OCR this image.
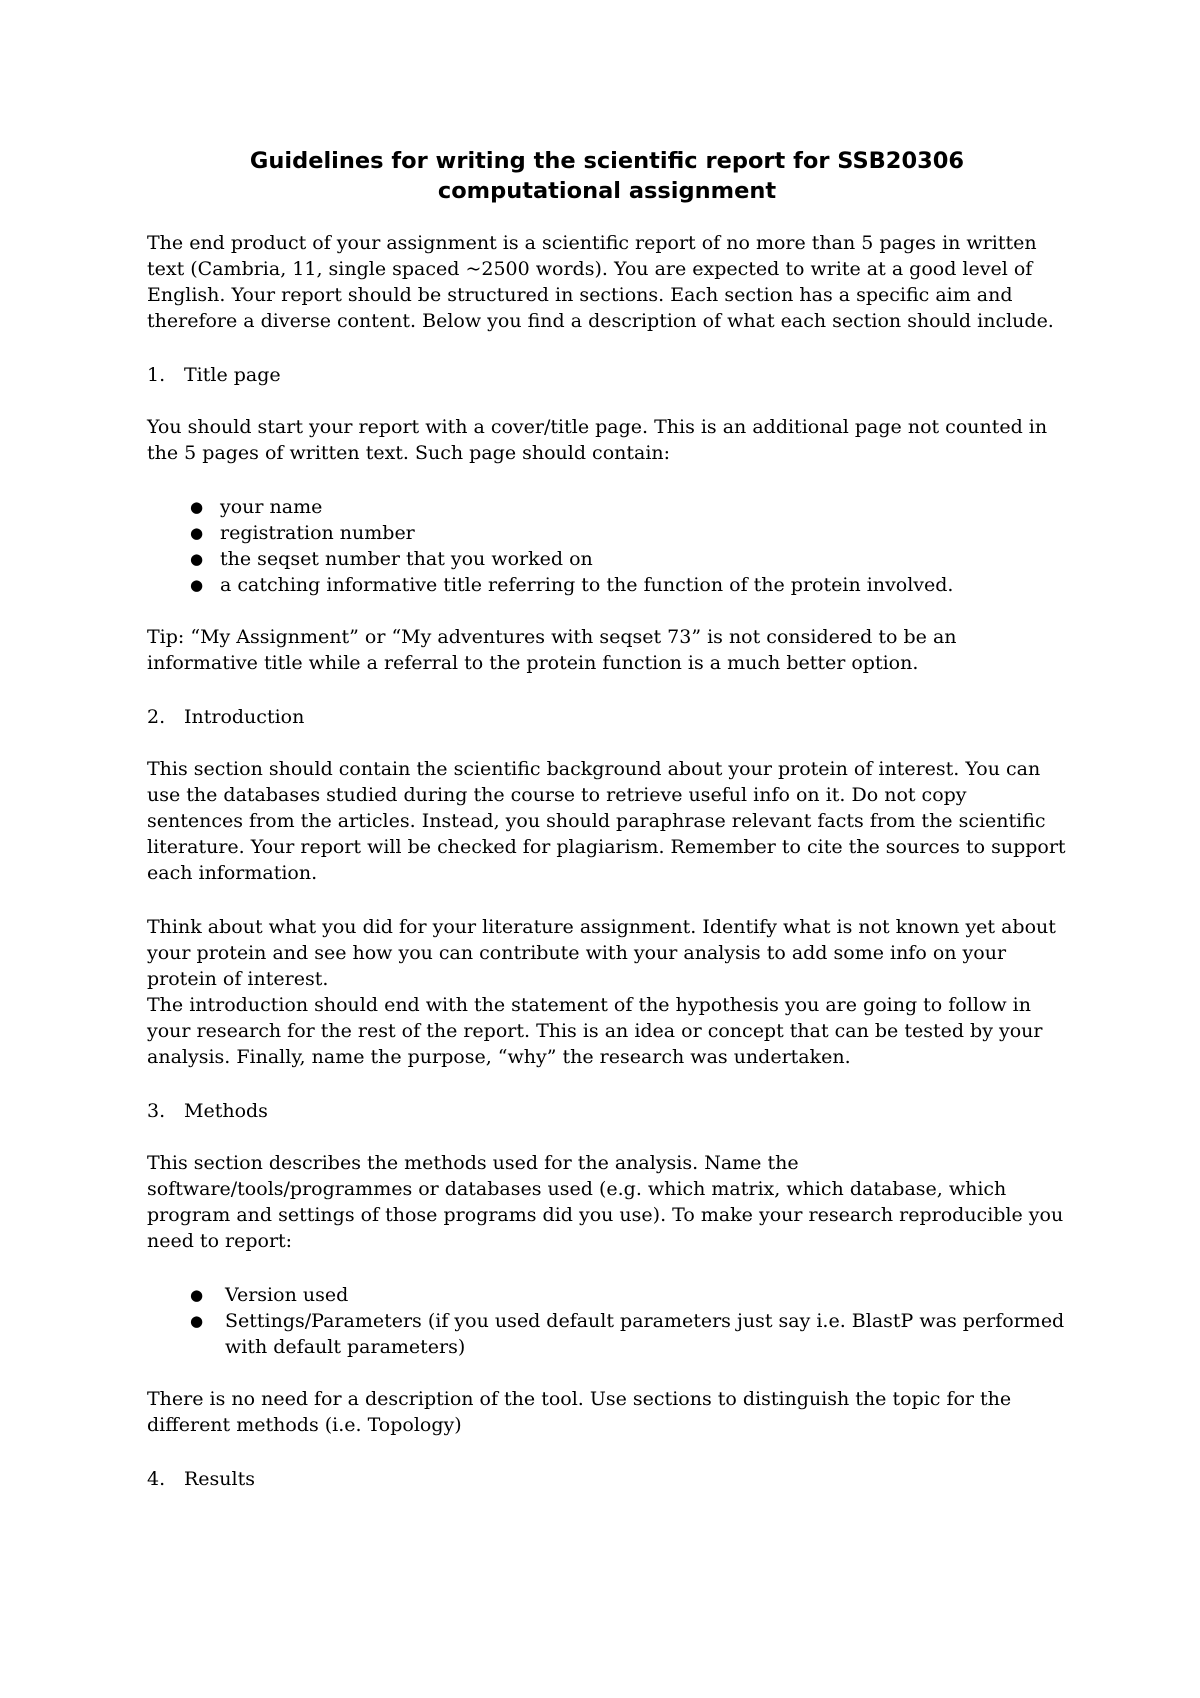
Guidelines for writing the scientific report for SSB20306
computational assignment

The end product of your assignment is a scientific report of no more than 5 pages in written text (Cambria, 11, single spaced ~2500 words). You are expected to write at a good level of English. Your report should be structured in sections. Each section has a specific aim and therefore a diverse content. Below you find a description of what each section should include.

1. Title page

You should start your report with a cover/title page. This is an additional page not counted in the 5 pages of written text. Such page should contain:

● your name
● registration number
● the seqset number that you worked on
● a catching informative title referring to the function of the protein involved.

Tip: “My Assignment” or “My adventures with seqset 73” is not considered to be an informative title while a referral to the protein function is a much better option.

2. Introduction

This section should contain the scientific background about your protein of interest. You can use the databases studied during the course to retrieve useful info on it. Do not copy sentences from the articles. Instead, you should paraphrase relevant facts from the scientific literature. Your report will be checked for plagiarism. Remember to cite the sources to support each information.

Think about what you did for your literature assignment. Identify what is not known yet about your protein and see how you can contribute with your analysis to add some info on your protein of interest.

The introduction should end with the statement of the hypothesis you are going to follow in your research for the rest of the report. This is an idea or concept that can be tested by your analysis. Finally, name the purpose, “why” the research was undertaken.

3. Methods

This section describes the methods used for the analysis. Name the software/tools/programmes or databases used (e.g. which matrix, which database, which program and settings of those programs did you use). To make your research reproducible you need to report:

● Version used
● Settings/Parameters (if you used default parameters just say i.e. BlastP was performed with default parameters)

There is no need for a description of the tool. Use sections to distinguish the topic for the different methods (i.e. Topology)

4. Results
